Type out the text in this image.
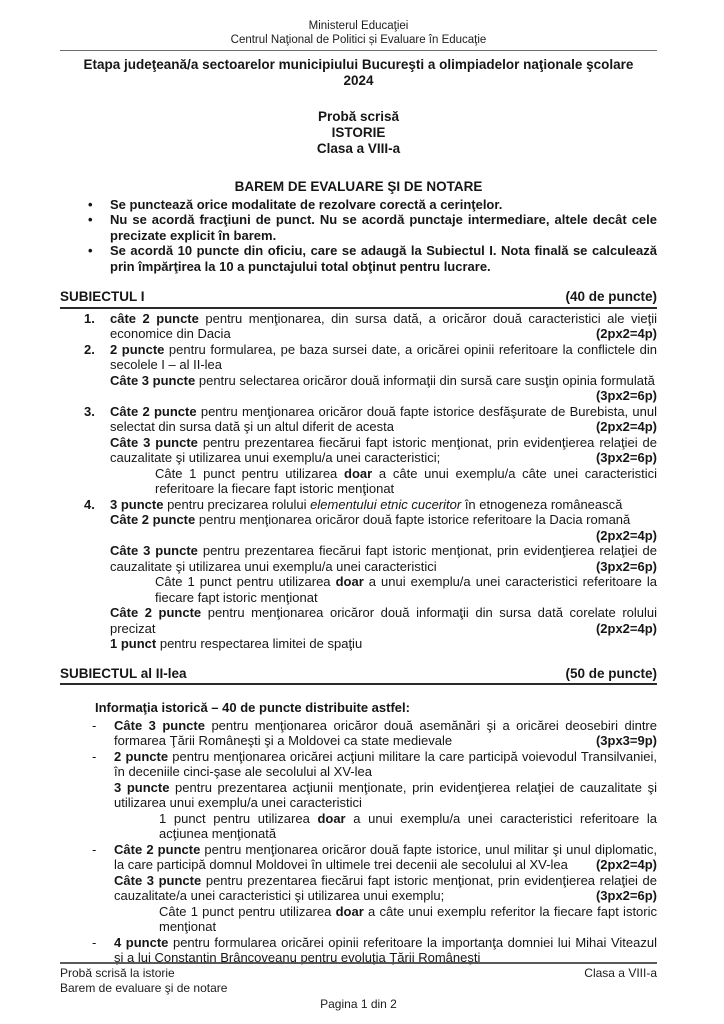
Ministerul Educaţiei
Centrul Naţional de Politici și Evaluare în Educaţie
Etapa judeţeană/a sectoarelor municipiului Bucureşti a olimpiadelor naţionale şcolare
2024
Probă scrisă
ISTORIE
Clasa a VIII-a
BAREM DE EVALUARE ŞI DE NOTARE
•	Se punctează orice modalitate de rezolvare corectă a cerinţelor.

•	Nu se acordă fracţiuni de punct. Nu se acordă punctaje intermediare, altele decât cele precizate explicit în barem.

•	Se acordă 10 puncte din oficiu, care se adaugă la Subiectul I. Nota finală se calculează prin împărţirea la 10 a punctajului total obţinut pentru lucrare.

SUBIECTUL I	(40 de puncte)
1.	câte 2 puncte pentru menţionarea, din sursa dată, a oricăror două caracteristici ale vieţii economice din Dacia	(2px2=4p)

2.	2 puncte pentru formularea, pe baza sursei date, a oricărei opinii referitoare la conflictele din secolele I – al II-lea

Câte 3 puncte pentru selectarea oricăror două informaţii din sursă care susţin opinia formulată
(3px2=6p)

3.	Câte 2 puncte pentru menţionarea oricăror două fapte istorice desfăşurate de Burebista, unul selectat din sursa dată şi un altul diferit de acesta	(2px2=4p)

Câte 3 puncte pentru prezentarea fiecărui fapt istoric menţionat, prin evidenţierea relaţiei de cauzalitate şi utilizarea unui exemplu/a unei caracteristici;	(3px2=6p)

Câte 1 punct pentru utilizarea doar a câte unui exemplu/a câte unei caracteristici referitoare la fiecare fapt istoric menţionat

4.	3 puncte pentru precizarea rolului elementului etnic cuceritor în etnogeneza românească

Câte 2 puncte pentru menţionarea oricăror două fapte istorice referitoare la Dacia romană
(2px2=4p)

Câte 3 puncte pentru prezentarea fiecărui fapt istoric menţionat, prin evidenţierea relaţiei de cauzalitate şi utilizarea unui exemplu/a unei caracteristici	(3px2=6p)

Câte 1 punct pentru utilizarea doar a unui exemplu/a unei caracteristici referitoare la fiecare fapt istoric menţionat

Câte 2 puncte pentru menţionarea oricăror două informaţii din sursa dată corelate rolului precizat	(2px2=4p)

1 punct pentru respectarea limitei de spaţiu

SUBIECTUL al II-lea	(50 de puncte)

Informaţia istorică – 40 de puncte distribuite astfel:

-	Câte 3 puncte pentru menţionarea oricăror două asemănări şi a oricărei deosebiri dintre formarea Ţării Româneşti şi a Moldovei ca state medievale	(3px3=9p)

-	2 puncte pentru menţionarea oricărei acţiuni militare la care participă voievodul Transilvaniei, în deceniile cinci-şase ale secolului al XV-lea

3 puncte pentru prezentarea acţiunii menţionate, prin evidenţierea relaţiei de cauzalitate şi utilizarea unui exemplu/a unei caracteristici

1 punct pentru utilizarea doar a unui exemplu/a unei caracteristici referitoare la acţiunea menţionată

-	Câte 2 puncte pentru menţionarea oricăror două fapte istorice, unul militar şi unul diplomatic, la care participă domnul Moldovei în ultimele trei decenii ale secolului al XV-lea	(2px2=4p)

Câte 3 puncte pentru prezentarea fiecărui fapt istoric menţionat, prin evidenţierea relaţiei de cauzalitate/a unei caracteristici şi utilizarea unui exemplu;	(3px2=6p)

Câte 1 punct pentru utilizarea doar a câte unui exemplu referitor la fiecare fapt istoric menţionat

-	4 puncte pentru formularea oricărei opinii referitoare la importanţa domniei lui Mihai Viteazul şi a lui Constantin Brâncoveanu pentru evoluţia Ţării Româneşti

Probă scrisă la istorie	Clasa a VIII-a
Barem de evaluare şi de notare
Pagina 1 din 2
